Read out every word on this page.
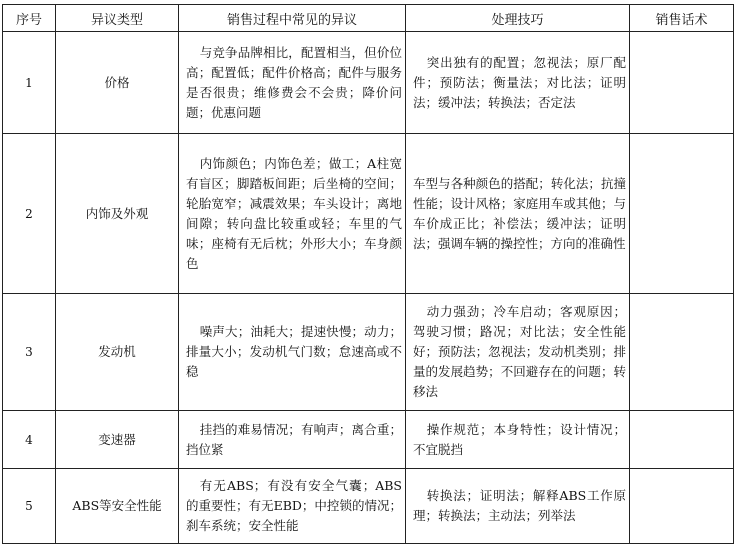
序号	异议类型	销售过程中常见的异议	处理技巧	销售话术
1	价格	与竞争品牌相比，配置相当，但价位高；配置低；配件价格高；配件与服务是否很贵；维修费会不会贵；降价问题；优惠问题	突出独有的配置；忽视法；原厂配件；预防法；衡量法；对比法；证明法；缓冲法；转换法；否定法	
2	内饰及外观	内饰颜色；内饰色差；做工；A柱宽有盲区；脚踏板间距；后坐椅的空间；轮胎宽窄；减震效果；车头设计；离地间隙；转向盘比较重或轻；车里的气味；座椅有无后枕；外形大小；车身颜色	车型与各种颜色的搭配；转化法；抗撞性能；设计风格；家庭用车或其他；与车价成正比；补偿法；缓冲法；证明法；强调车辆的操控性；方向的准确性	
3	发动机	噪声大；油耗大；提速快慢；动力；排量大小；发动机气门数；怠速高或不稳	动力强劲；冷车启动；客观原因；驾驶习惯；路况；对比法；安全性能好；预防法；忽视法；发动机类别；排量的发展趋势；不回避存在的问题；转移法	
4	变速器	挂挡的难易情况；有响声；离合重；挡位紧	操作规范；本身特性；设计情况；不宜脱挡	
5	ABS等安全性能	有无ABS；有没有安全气囊；ABS的重要性；有无EBD；中控锁的情况；刹车系统；安全性能	转换法；证明法；解释ABS工作原理；转换法；主动法；列举法	
